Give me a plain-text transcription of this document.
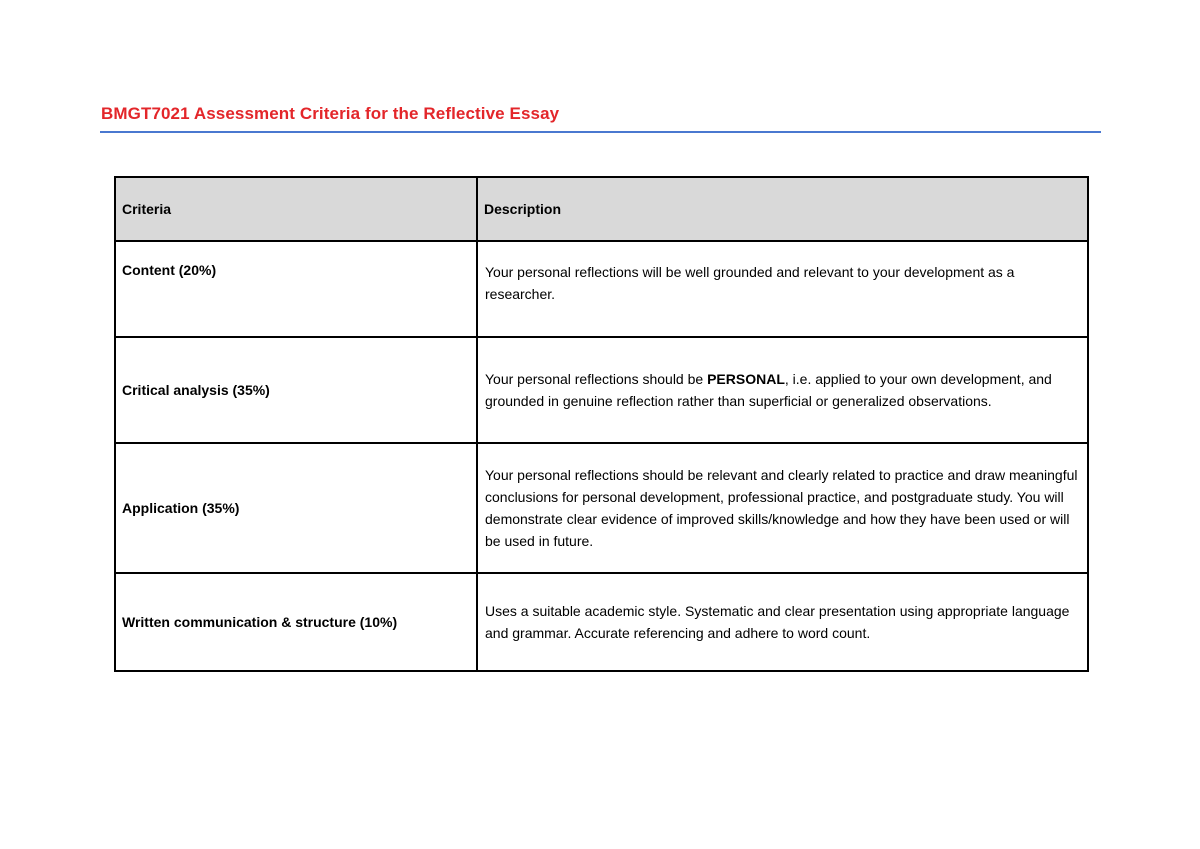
BMGT7021 Assessment Criteria for the Reflective Essay
Criteria	Description
Content (20%)	Your personal reflections will be well grounded and relevant to your development as a researcher.
Critical analysis (35%)	Your personal reflections should be PERSONAL, i.e. applied to your own development, and grounded in genuine reflection rather than superficial or generalized observations.
Application (35%)	Your personal reflections should be relevant and clearly related to practice and draw meaningful conclusions for personal development, professional practice, and postgraduate study. You will demonstrate clear evidence of improved skills/knowledge and how they have been used or will be used in future.
Written communication & structure (10%)	Uses a suitable academic style. Systematic and clear presentation using appropriate language and grammar. Accurate referencing and adhere to word count.
